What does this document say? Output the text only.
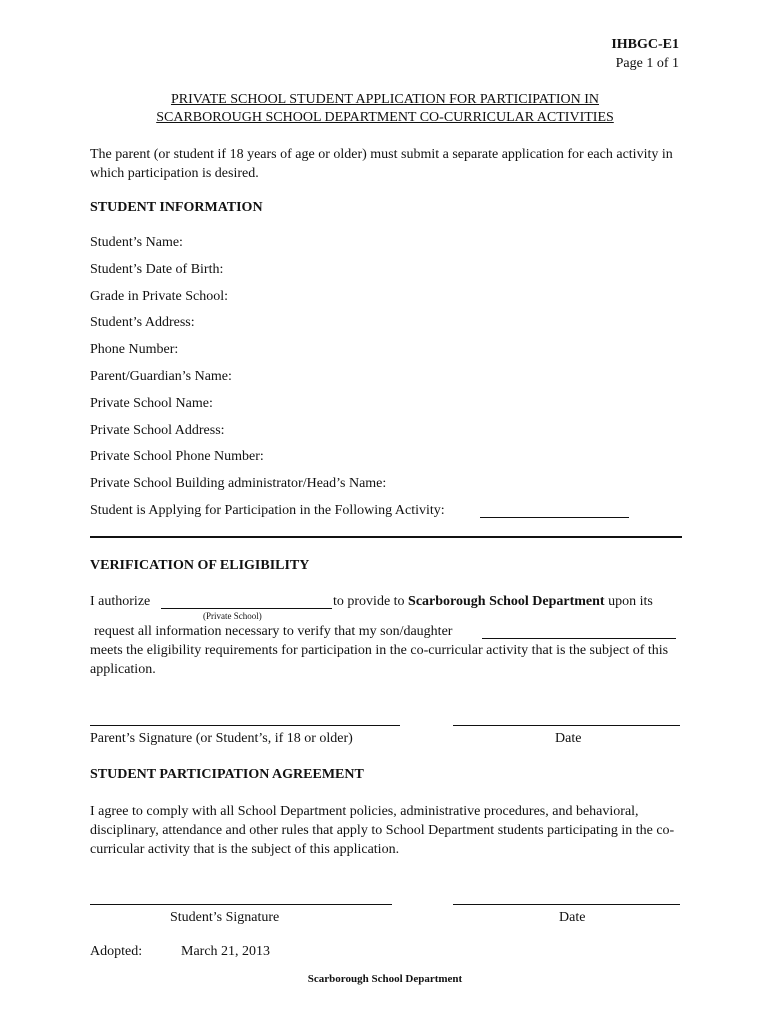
IHBGC-E1
Page 1 of 1
PRIVATE SCHOOL STUDENT APPLICATION FOR PARTICIPATION IN
SCARBOROUGH SCHOOL DEPARTMENT CO-CURRICULAR ACTIVITIES
The parent (or student if 18 years of age or older) must submit a separate application for each activity in which participation is desired.
STUDENT INFORMATION
Student’s Name:
Student’s Date of Birth:
Grade in Private School:
Student’s Address:
Phone Number:
Parent/Guardian’s Name:
Private School Name:
Private School Address:
Private School Phone Number:
Private School Building administrator/Head’s Name:
Student is Applying for Participation in the Following Activity:
VERIFICATION OF ELIGIBILITY
I authorize
(Private School)
to provide to Scarborough School Department upon its
request all information necessary to verify that my son/daughter
meets the eligibility requirements for participation in the co-curricular activity that is the subject of this application.
Parent’s Signature (or Student’s, if 18 or older)	Date
STUDENT PARTICIPATION AGREEMENT
I agree to comply with all School Department policies, administrative procedures, and behavioral, disciplinary, attendance and other rules that apply to School Department students participating in the co-curricular activity that is the subject of this application.
Student’s Signature	Date
Adopted:	March 21, 2013
Scarborough School Department
